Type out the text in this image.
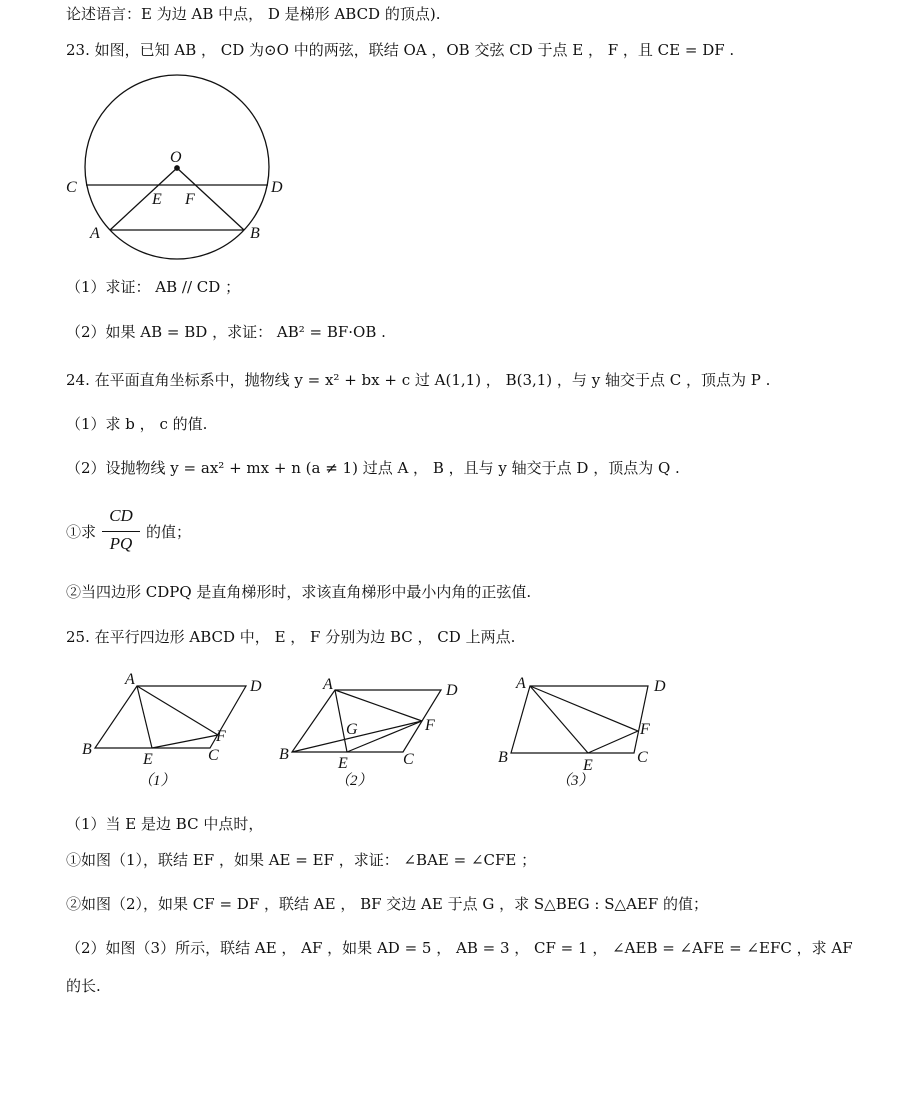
论述语言：E 为边 AB 中点， D 是梯形 ABCD 的顶点).
23. 如图，已知 AB ， CD 为⊙O 中的两弦，联结 OA ，OB 交弦 CD 于点 E ， F ，且 CE = DF .
（1）求证： AB // CD ；
（2）如果 AB = BD ，求证： AB² = BF·OB .
24. 在平面直角坐标系中，抛物线 y = x² + bx + c 过 A(1,1) ， B(3,1) ，与 y 轴交于点 C ，顶点为 P .
（1）求 b ， c 的值.
（2）设抛物线 y = ax² + mx + n (a ≠ 1) 过点 A ， B ，且与 y 轴交于点 D ，顶点为 Q .
①求
CD
PQ
的值；
②当四边形 CDPQ 是直角梯形时，求该直角梯形中最小内角的正弦值.
25. 在平行四边形 ABCD 中， E ， F 分别为边 BC ， CD 上两点.
（1）当 E 是边 BC 中点时，
①如图（1），联结 EF ，如果 AE = EF ，求证： ∠BAE = ∠CFE ；
②如图（2），如果 CF = DF ，联结 AE ， BF 交边 AE 于点 G ，求 S△BEG : S△AEF 的值；
（2）如图（3）所示，联结 AE ， AF ，如果 AD = 5 ， AB = 3 ， CF = 1 ， ∠AEB = ∠AFE = ∠EFC ，求 AF
的长.
O
C	D
E F
A	B
A	D
B
E
F
C
（1）
A	D
G	F
B
E	C
（2）
A	D
F
B	E	C
（3）
